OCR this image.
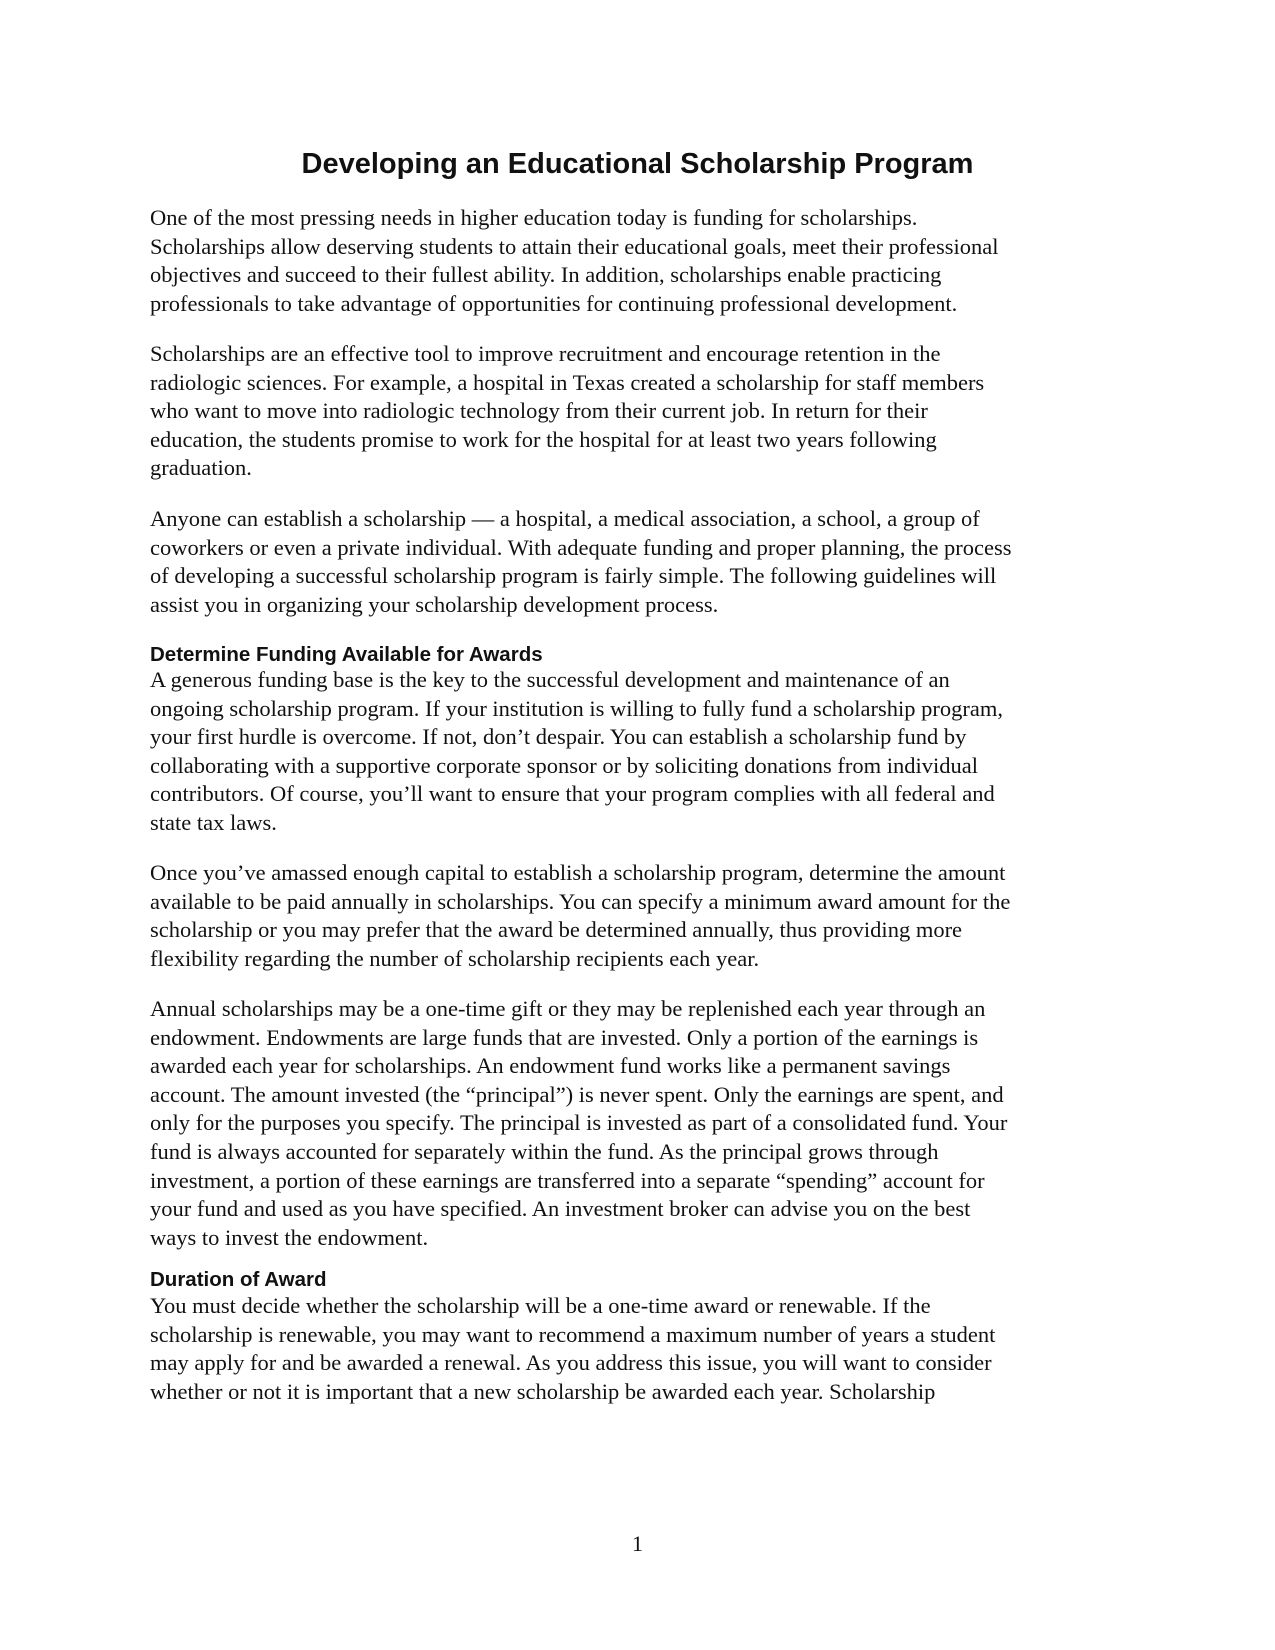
Developing an Educational Scholarship Program

One of the most pressing needs in higher education today is funding for scholarships.
Scholarships allow deserving students to attain their educational goals, meet their professional
objectives and succeed to their fullest ability. In addition, scholarships enable practicing
professionals to take advantage of opportunities for continuing professional development.

Scholarships are an effective tool to improve recruitment and encourage retention in the
radiologic sciences. For example, a hospital in Texas created a scholarship for staff members
who want to move into radiologic technology from their current job. In return for their
education, the students promise to work for the hospital for at least two years following
graduation.

Anyone can establish a scholarship — a hospital, a medical association, a school, a group of
coworkers or even a private individual. With adequate funding and proper planning, the process
of developing a successful scholarship program is fairly simple. The following guidelines will
assist you in organizing your scholarship development process.

Determine Funding Available for Awards

A generous funding base is the key to the successful development and maintenance of an
ongoing scholarship program. If your institution is willing to fully fund a scholarship program,
your first hurdle is overcome. If not, don’t despair. You can establish a scholarship fund by
collaborating with a supportive corporate sponsor or by soliciting donations from individual
contributors. Of course, you’ll want to ensure that your program complies with all federal and
state tax laws.

Once you’ve amassed enough capital to establish a scholarship program, determine the amount
available to be paid annually in scholarships. You can specify a minimum award amount for the
scholarship or you may prefer that the award be determined annually, thus providing more
flexibility regarding the number of scholarship recipients each year.

Annual scholarships may be a one-time gift or they may be replenished each year through an
endowment. Endowments are large funds that are invested. Only a portion of the earnings is
awarded each year for scholarships. An endowment fund works like a permanent savings
account. The amount invested (the “principal”) is never spent. Only the earnings are spent, and
only for the purposes you specify. The principal is invested as part of a consolidated fund. Your
fund is always accounted for separately within the fund. As the principal grows through
investment, a portion of these earnings are transferred into a separate “spending” account for
your fund and used as you have specified. An investment broker can advise you on the best
ways to invest the endowment.

Duration of Award

You must decide whether the scholarship will be a one-time award or renewable. If the
scholarship is renewable, you may want to recommend a maximum number of years a student
may apply for and be awarded a renewal. As you address this issue, you will want to consider
whether or not it is important that a new scholarship be awarded each year. Scholarship

1
